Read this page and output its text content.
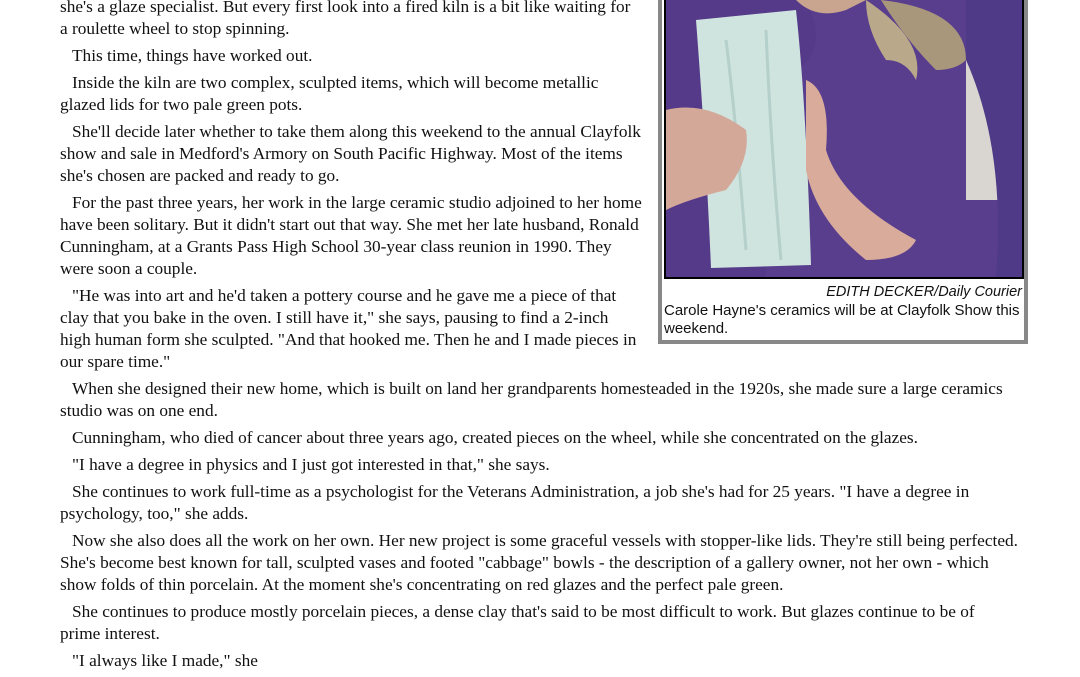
EDITH DECKER/Daily Courier
Carole Hayne's ceramics will be at Clayfolk Show this weekend.

she's a glaze specialist. But every first look into a fired kiln is a bit like waiting for a roulette wheel to stop spinning.

This time, things have worked out.

Inside the kiln are two complex, sculpted items, which will become metallic glazed lids for two pale green pots.

She'll decide later whether to take them along this weekend to the annual Clayfolk show and sale in Medford's Armory on South Pacific Highway. Most of the items she's chosen are packed and ready to go.

For the past three years, her work in the large ceramic studio adjoined to her home have been solitary. But it didn't start out that way. She met her late husband, Ronald Cunningham, at a Grants Pass High School 30-year class reunion in 1990. They were soon a couple.

"He was into art and he'd taken a pottery course and he gave me a piece of that clay that you bake in the oven. I still have it," she says, pausing to find a 2-inch high human form she sculpted. "And that hooked me. Then he and I made pieces in our spare time."

When she designed their new home, which is built on land her grandparents homesteaded in the 1920s, she made sure a large ceramics studio was on one end.

Cunningham, who died of cancer about three years ago, created pieces on the wheel, while she concentrated on the glazes.

"I have a degree in physics and I just got interested in that," she says.

She continues to work full-time as a psychologist for the Veterans Administration, a job she's had for 25 years. "I have a degree in psychology, too," she adds.

Now she also does all the work on her own. Her new project is some graceful vessels with stopper-like lids. They're still being perfected. She's become best known for tall, sculpted vases and footed "cabbage" bowls - the description of a gallery owner, not her own - which show folds of thin porcelain. At the moment she's concentrating on red glazes and the perfect pale green.

She continues to produce mostly porcelain pieces, a dense clay that's said to be most difficult to work. But glazes continue to be of prime interest.

"I always like I made," she
